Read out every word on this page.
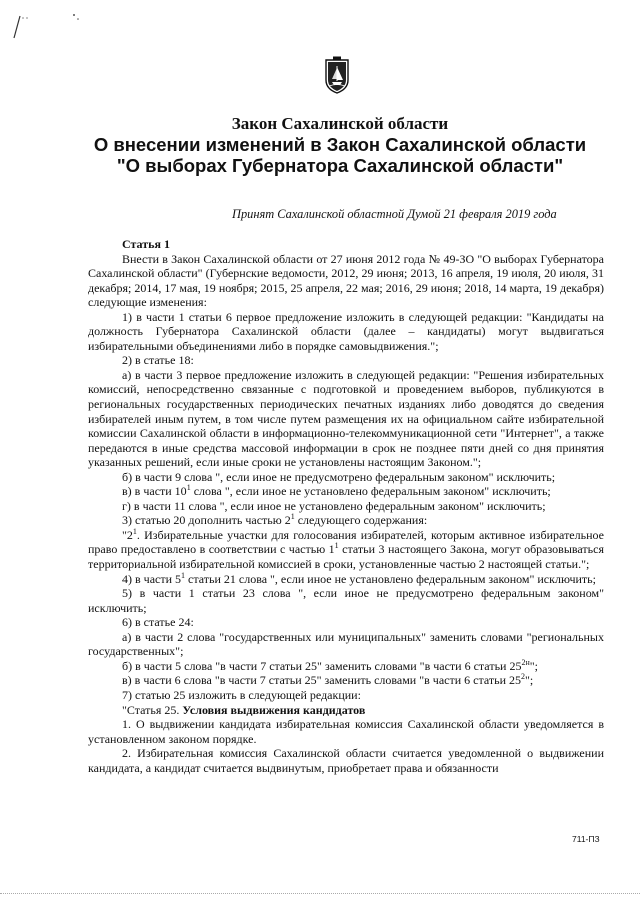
Закон Сахалинской области

О внесении изменений в Закон Сахалинской области "О выборах Губернатора Сахалинской области"

Принят Сахалинской областной Думой 21 февраля 2019 года

Статья 1

Внести в Закон Сахалинской области от 27 июня 2012 года № 49-ЗО "О выборах Губернатора Сахалинской области" (Губернские ведомости, 2012, 29 июня; 2013, 16 апреля, 19 июля, 20 июля, 31 декабря; 2014, 17 мая, 19 ноября; 2015, 25 апреля, 22 мая; 2016, 29 июня; 2018, 14 марта, 19 декабря) следующие изменения:

1) в части 1 статьи 6 первое предложение изложить в следующей редакции: "Кандидаты на должность Губернатора Сахалинской области (далее – кандидаты) могут выдвигаться избирательными объединениями либо в порядке самовыдвижения.";

2) в статье 18:

а) в части 3 первое предложение изложить в следующей редакции: "Решения избирательных комиссий, непосредственно связанные с подготовкой и проведением выборов, публикуются в региональных государственных периодических печатных изданиях либо доводятся до сведения избирателей иным путем, в том числе путем размещения их на официальном сайте избирательной комиссии Сахалинской области в информационно-телекоммуникационной сети "Интернет", а также передаются в иные средства массовой информации в срок не позднее пяти дней со дня принятия указанных решений, если иные сроки не установлены настоящим Законом.";

б) в части 9 слова ", если иное не предусмотрено федеральным законом" исключить;

в) в части $10^1$ слова ", если иное не установлено федеральным законом" исключить;

г) в части 11 слова ", если иное не установлено федеральным законом" исключить;

3) статью 20 дополнить частью $2^1$ следующего содержания:

"$2^1$. Избирательные участки для голосования избирателей, которым активное избирательное право предоставлено в соответствии с частью $1^1$ статьи 3 настоящего Закона, могут образовываться территориальной избирательной комиссией в сроки, установленные частью 2 настоящей статьи.";

4) в части $5^1$ статьи 21 слова ", если иное не установлено федеральным законом" исключить;

5) в части 1 статьи 23 слова ", если иное не предусмотрено федеральным законом" исключить;

6) в статье 24:

а) в части 2 слова "государственных или муниципальных" заменить словами "региональных государственных";

б) в части 5 слова "в части 7 статьи 25" заменить словами "в части 6 статьи $25^{2н}$";

в) в части 6 слова "в части 7 статьи 25" заменить словами "в части 6 статьи $25^2$";

7) статью 25 изложить в следующей редакции:

"Статья 25. Условия выдвижения кандидатов

1. О выдвижении кандидата избирательная комиссия Сахалинской области уведомляется в установленном законом порядке.

2. Избирательная комиссия Сахалинской области считается уведомленной о выдвижении кандидата, а кандидат считается выдвинутым, приобретает права и обязанности

711-ПЗ
